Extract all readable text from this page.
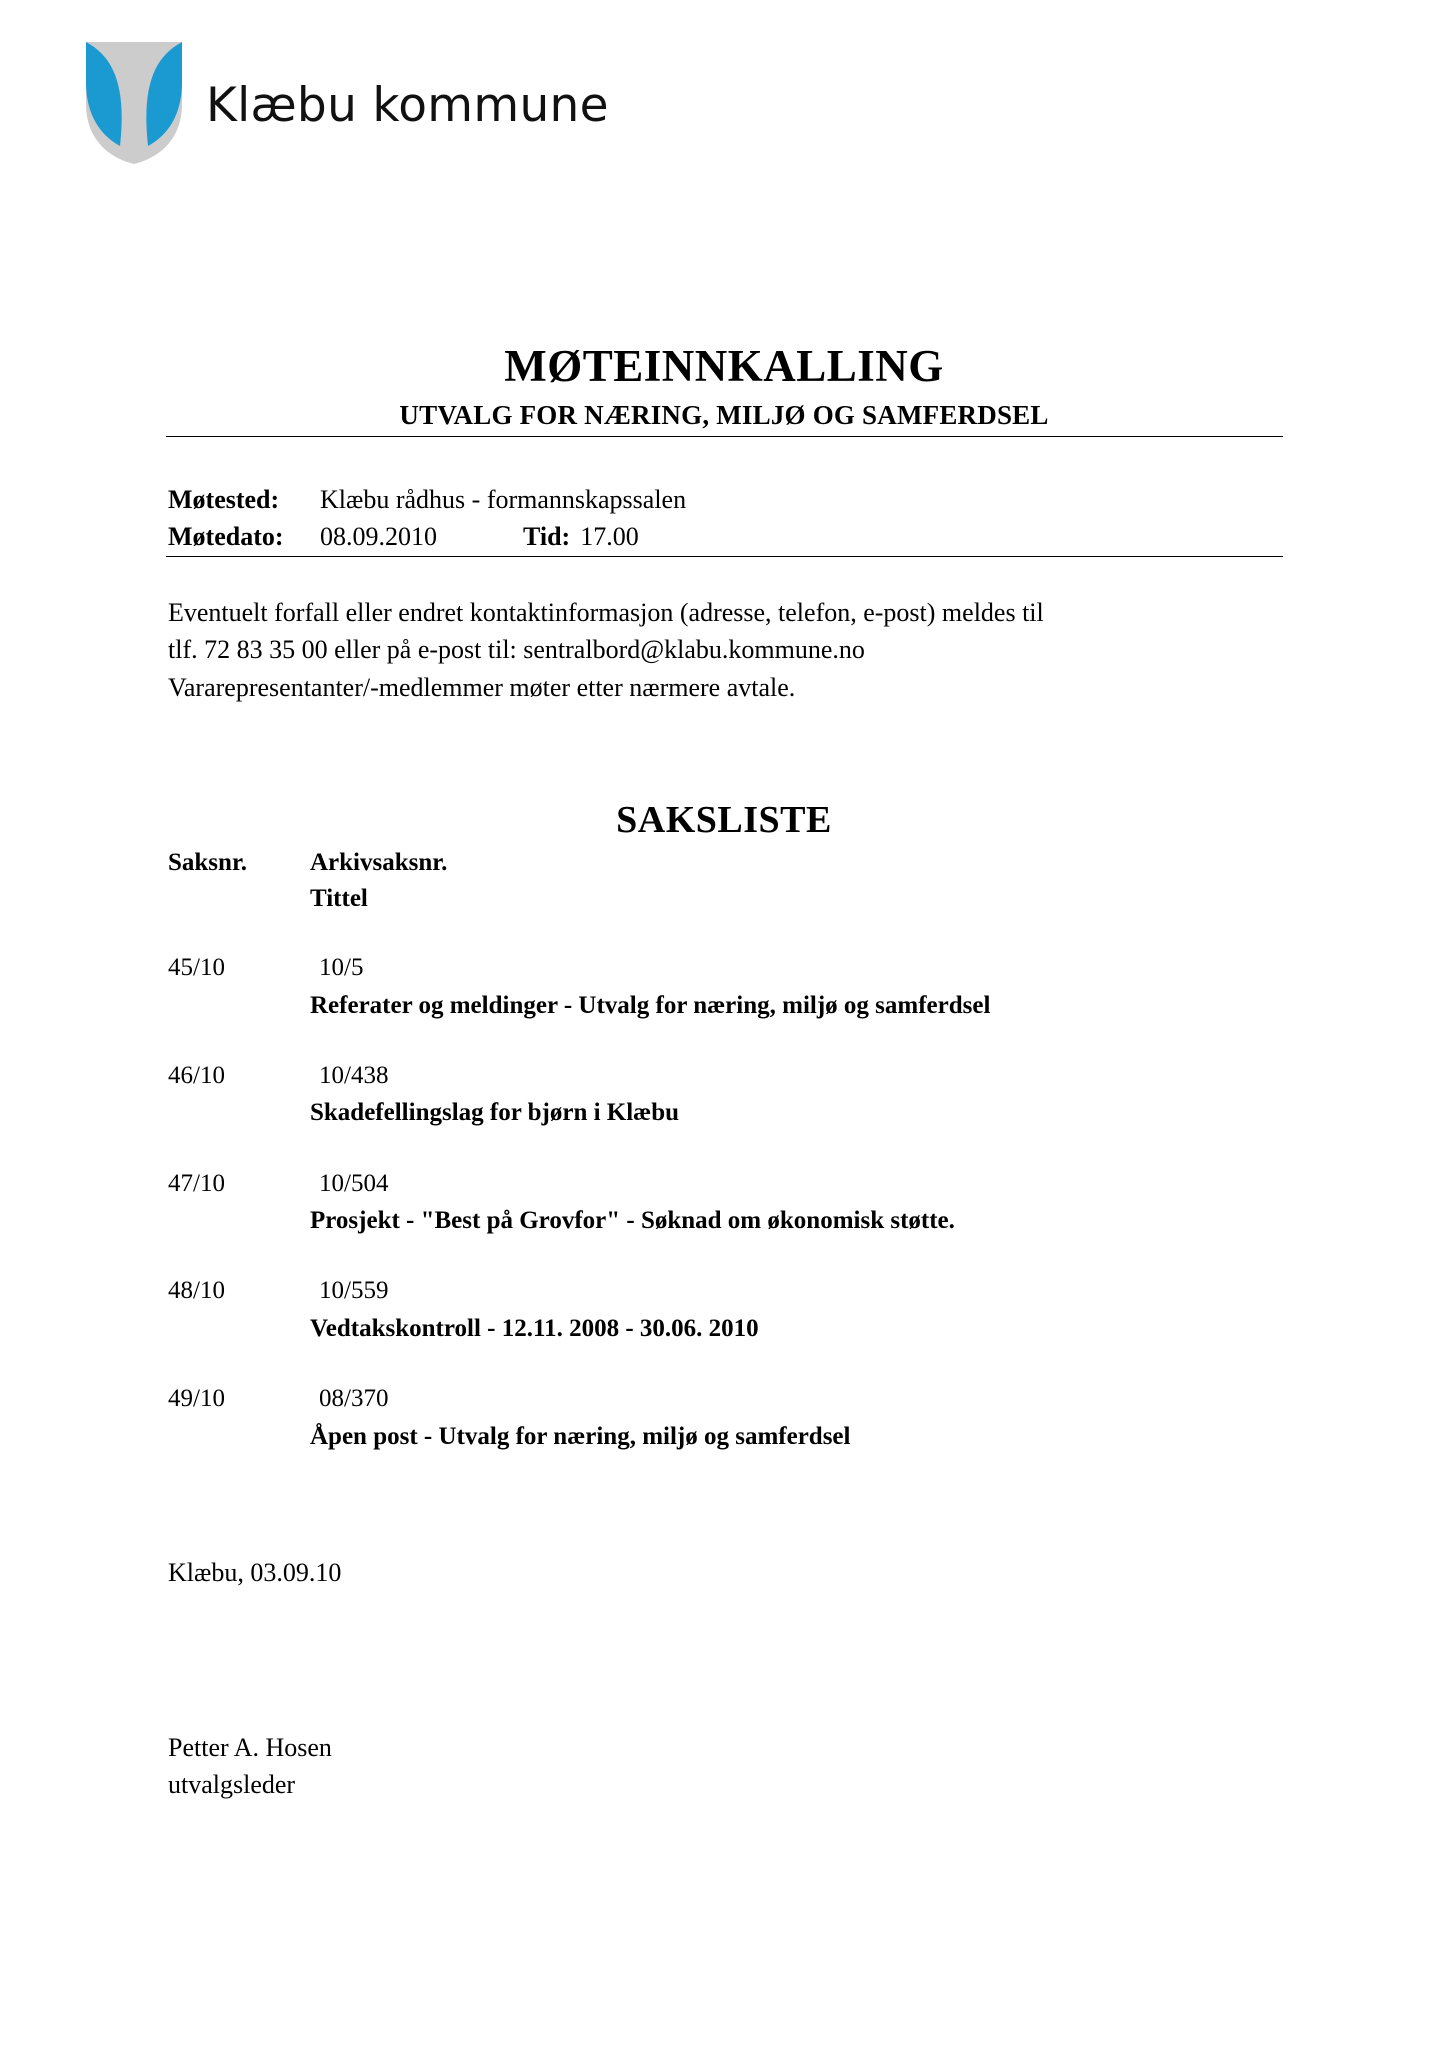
Klæbu kommune
MØTEINNKALLING
UTVALG FOR NÆRING, MILJØ OG SAMFERDSEL
Møtested:	Klæbu rådhus - formannskapssalen
Møtedato:	08.09.2010	Tid: 17.00
Eventuelt forfall eller endret kontaktinformasjon (adresse, telefon, e-post) meldes til
tlf. 72 83 35 00 eller på e-post til: sentralbord@klabu.kommune.no
Vararepresentanter/-medlemmer møter etter nærmere avtale.
SAKSLISTE
Saksnr.	Arkivsaksnr.
Tittel
45/10	10/5
Referater og meldinger - Utvalg for næring, miljø og samferdsel
46/10	10/438
Skadefellingslag for bjørn i Klæbu
47/10	10/504
Prosjekt - "Best på Grovfor" - Søknad om økonomisk støtte.
48/10	10/559
Vedtakskontroll - 12.11. 2008 - 30.06. 2010
49/10	08/370
Åpen post - Utvalg for næring, miljø og samferdsel
Klæbu, 03.09.10
Petter A. Hosen
utvalgsleder
